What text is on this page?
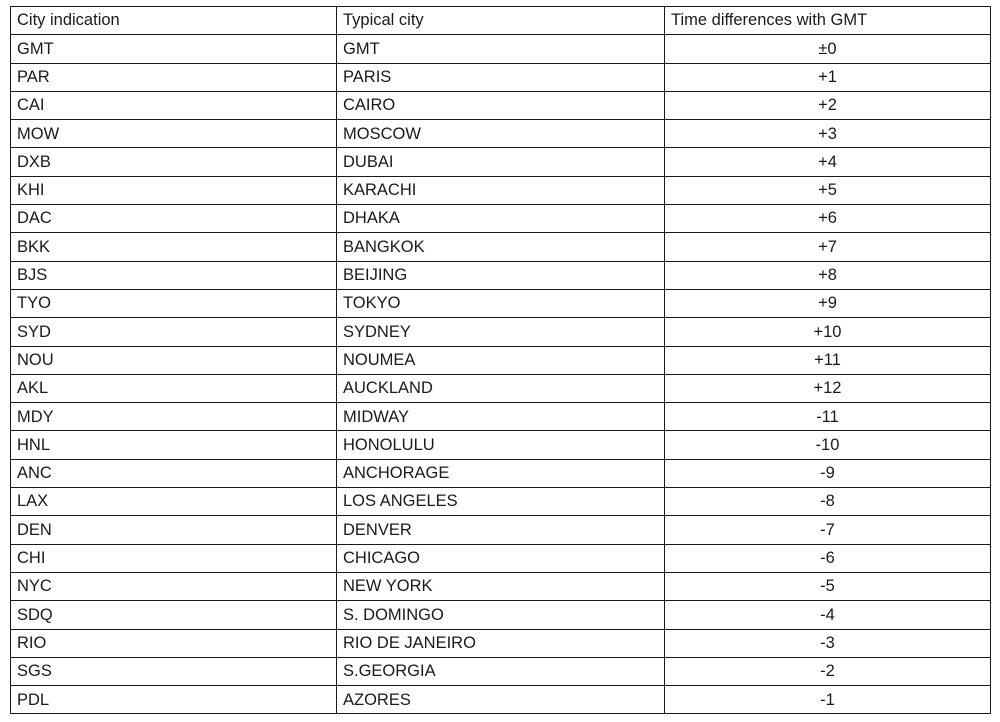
City indication	Typical city	Time differences with GMT
GMT	GMT	±0
PAR	PARIS	+1
CAI	CAIRO	+2
MOW	MOSCOW	+3
DXB	DUBAI	+4
KHI	KARACHI	+5
DAC	DHAKA	+6
BKK	BANGKOK	+7
BJS	BEIJING	+8
TYO	TOKYO	+9
SYD	SYDNEY	+10
NOU	NOUMEA	+11
AKL	AUCKLAND	+12
MDY	MIDWAY	-11
HNL	HONOLULU	-10
ANC	ANCHORAGE	-9
LAX	LOS ANGELES	-8
DEN	DENVER	-7
CHI	CHICAGO	-6
NYC	NEW YORK	-5
SDQ	S. DOMINGO	-4
RIO	RIO DE JANEIRO	-3
SGS	S.GEORGIA	-2
PDL	AZORES	-1
